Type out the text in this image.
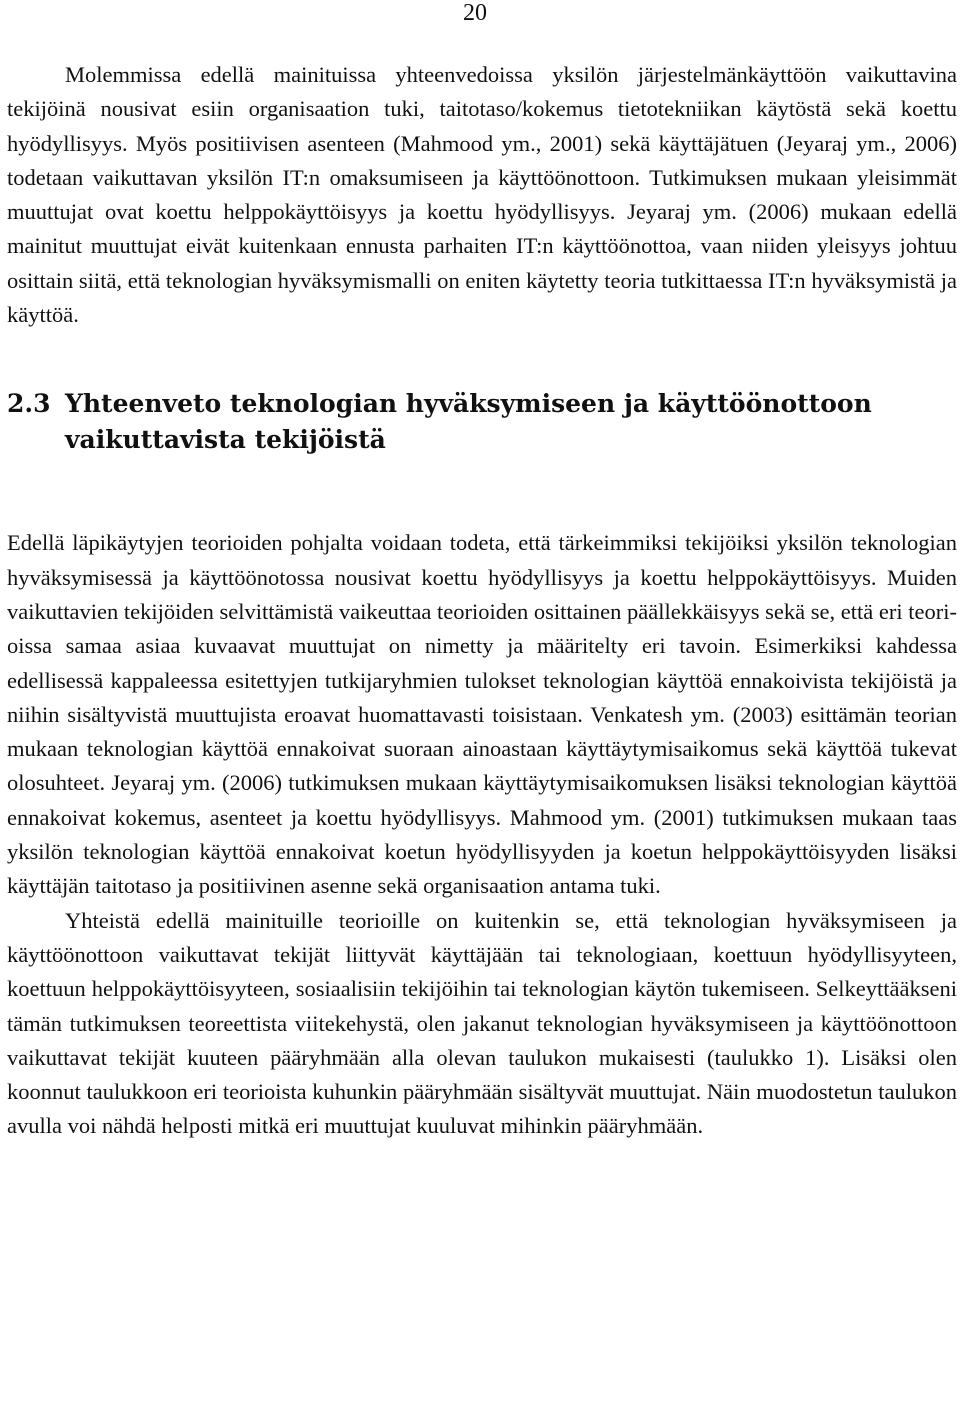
20

Molemmissa edellä mainituissa yhteenvedoissa yksilön järjestelmänkäyttöön vaikuttavina tekijöinä nousivat esiin organisaation tuki, taitotaso/kokemus tietotekniikan käytöstä sekä koettu hyödyllisyys. Myös positiivisen asenteen (Mahmood ym., 2001) sekä käyttäjätuen (Jeyaraj ym., 2006) todetaan vaikuttavan yksilön IT:n omaksumiseen ja käyttöönottoon. Tutkimuksen mukaan yleisimmät muuttujat ovat koettu helppokäyttöisyys ja koettu hyödyllisyys. Jeyaraj ym. (2006) mukaan edellä mainitut muuttujat eivät kuitenkaan ennusta parhaiten IT:n käyttöönottoa, vaan niiden yleisyys johtuu osittain siitä, että teknologian hyväksymismalli on eniten käytetty teoria tutkittaessa IT:n hyväksymistä ja käyttöä.

2.3 Yhteenveto teknologian hyväksymiseen ja käyttöönottoon vaikuttavista tekijöistä

Edellä läpikäytyjen teorioiden pohjalta voidaan todeta, että tärkeimmiksi tekijöiksi yksilön teknologian hyväksymisessä ja käyttöönotossa nousivat koettu hyödyllisyys ja koettu helppokäyttöisyys. Muiden vaikuttavien tekijöiden selvittämistä vaikeuttaa teorioiden osittainen päällekkäisyys sekä se, että eri teorioissa samaa asiaa kuvaavat muuttujat on nimetty ja määritelty eri tavoin. Esimerkiksi kahdessa edellisessä kappaleessa esitettyjen tutkijaryhmien tulokset teknologian käyttöä ennakoivista tekijöistä ja niihin sisältyvistä muuttujista eroavat huomattavasti toisistaan. Venkatesh ym. (2003) esittämän teorian mukaan teknologian käyttöä ennakoivat suoraan ainoastaan käyttäytymisaikomus sekä käyttöä tukevat olosuhteet. Jeyaraj ym. (2006) tutkimuksen mukaan käyttäytymisaikomuksen lisäksi teknologian käyttöä ennakoivat kokemus, asenteet ja koettu hyödyllisyys. Mahmood ym. (2001) tutkimuksen mukaan taas yksilön teknologian käyttöä ennakoivat koetun hyödyllisyyden ja koetun helppokäyttöisyyden lisäksi käyttäjän taitotaso ja positiivinen asenne sekä organisaation antama tuki.

Yhteistä edellä mainituille teorioille on kuitenkin se, että teknologian hyväksymiseen ja käyttöönottoon vaikuttavat tekijät liittyvät käyttäjään tai teknologiaan, koettuun hyödyllisyyteen, koettuun helppokäyttöisyyteen, sosiaalisiin tekijöihin tai teknologian käytön tukemiseen. Selkeyttääkseni tämän tutkimuksen teoreettista viitekehystä, olen jakanut teknologian hyväksymiseen ja käyttöönottoon vaikuttavat tekijät kuuteen pääryhmään alla olevan taulukon mukaisesti (taulukko 1). Lisäksi olen koonnut taulukkoon eri teorioista kuhunkin pääryhmään sisältyvät muuttujat. Näin muodostetun taulukon avulla voi nähdä helposti mitkä eri muuttujat kuuluvat mihinkin pääryhmään.
